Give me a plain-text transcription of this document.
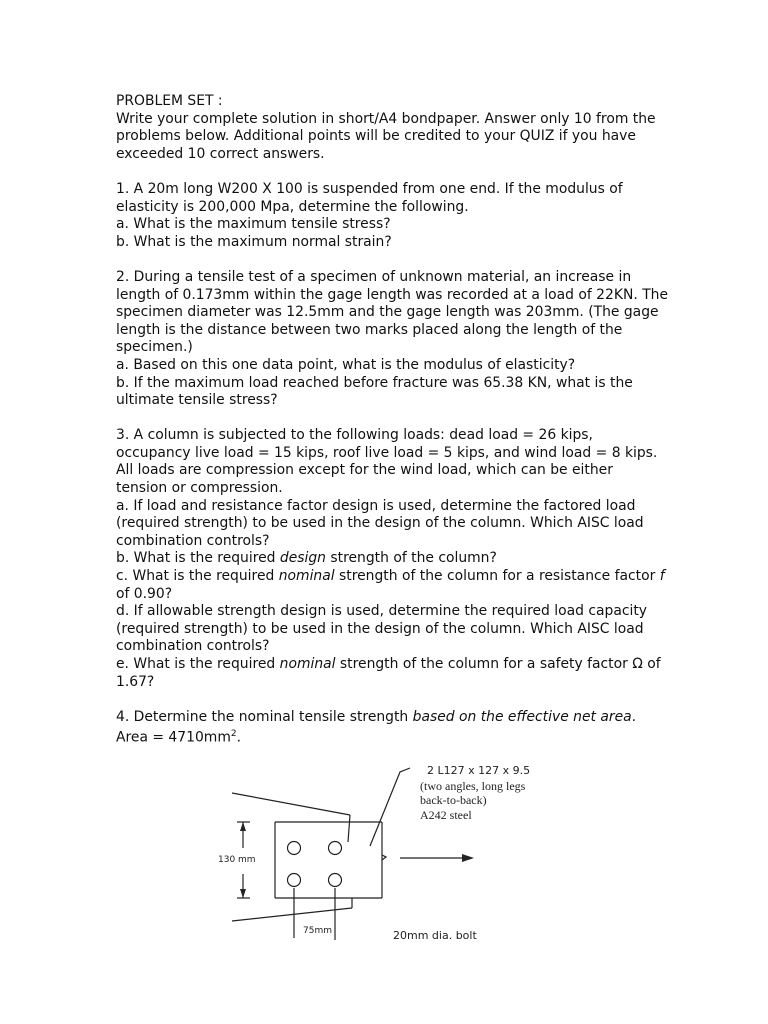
PROBLEM SET :
Write your complete solution in short/A4 bondpaper. Answer only 10 from the
problems below. Additional points will be credited to your QUIZ if you have
exceeded 10 correct answers.
1. A 20m long W200 X 100 is suspended from one end. If the modulus of
elasticity is 200,000 Mpa, determine the following.
a. What is the maximum tensile stress?
b. What is the maximum normal strain?
2. During a tensile test of a specimen of unknown material, an increase in
length of 0.173mm within the gage length was recorded at a load of 22KN. The
specimen diameter was 12.5mm and the gage length was 203mm. (The gage
length is the distance between two marks placed along the length of the
specimen.)
a. Based on this one data point, what is the modulus of elasticity?
b. If the maximum load reached before fracture was 65.38 KN, what is the
ultimate tensile stress?
3. A column is subjected to the following loads: dead load = 26 kips,
occupancy live load = 15 kips, roof live load = 5 kips, and wind load = 8 kips.
All loads are compression except for the wind load, which can be either
tension or compression.
a. If load and resistance factor design is used, determine the factored load
(required strength) to be used in the design of the column. Which AISC load
combination controls?
b. What is the required design strength of the column?
c. What is the required nominal strength of the column for a resistance factor f
of 0.90?
d. If allowable strength design is used, determine the required load capacity
(required strength) to be used in the design of the column. Which AISC load
combination controls?
e. What is the required nominal strength of the column for a safety factor Ω of
1.67?
4. Determine the nominal tensile strength based on the effective net area.
Area = $4710mm^2$.
2 L127 x 127 x 9.5
(two angles, long legs
back-to-back)
A242 steel
130 mm
75mm	20mm dia. bolt
